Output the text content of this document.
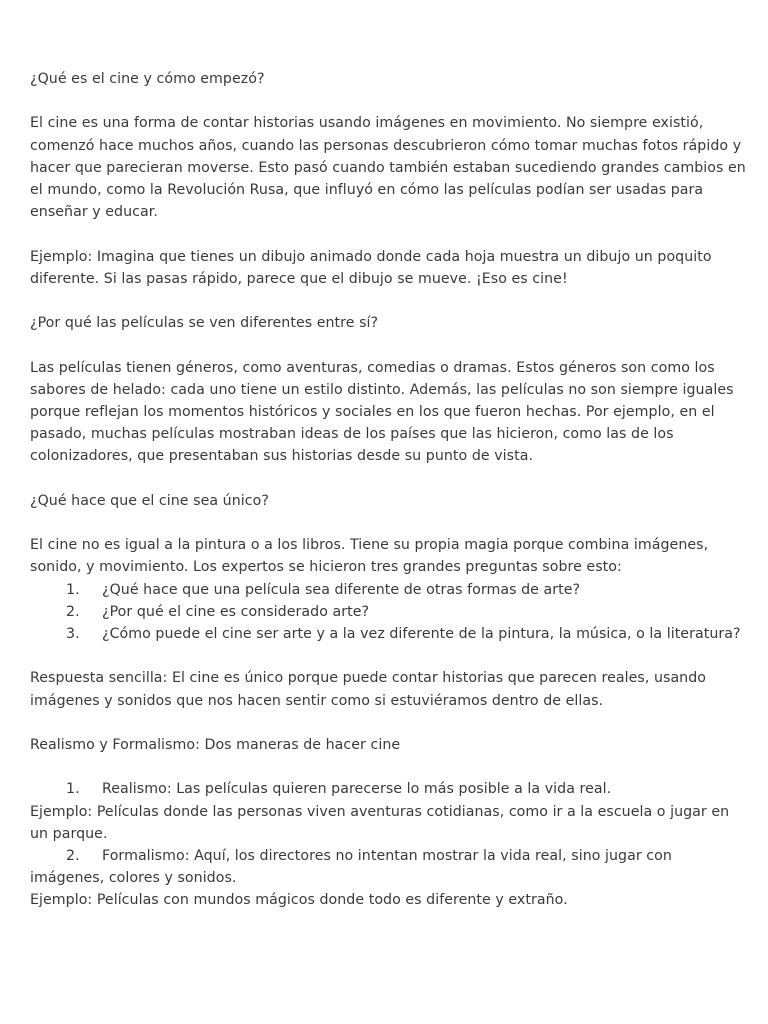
¿Qué es el cine y cómo empezó?

El cine es una forma de contar historias usando imágenes en movimiento. No siempre existió, comenzó hace muchos años, cuando las personas descubrieron cómo tomar muchas fotos rápido y hacer que parecieran moverse. Esto pasó cuando también estaban sucediendo grandes cambios en el mundo, como la Revolución Rusa, que influyó en cómo las películas podían ser usadas para enseñar y educar.

Ejemplo: Imagina que tienes un dibujo animado donde cada hoja muestra un dibujo un poquito diferente. Si las pasas rápido, parece que el dibujo se mueve. ¡Eso es cine!

¿Por qué las películas se ven diferentes entre sí?

Las películas tienen géneros, como aventuras, comedias o dramas. Estos géneros son como los sabores de helado: cada uno tiene un estilo distinto. Además, las películas no son siempre iguales porque reflejan los momentos históricos y sociales en los que fueron hechas. Por ejemplo, en el pasado, muchas películas mostraban ideas de los países que las hicieron, como las de los colonizadores, que presentaban sus historias desde su punto de vista.

¿Qué hace que el cine sea único?

El cine no es igual a la pintura o a los libros. Tiene su propia magia porque combina imágenes, sonido, y movimiento. Los expertos se hicieron tres grandes preguntas sobre esto:

1. ¿Qué hace que una película sea diferente de otras formas de arte?
2. ¿Por qué el cine es considerado arte?
3. ¿Cómo puede el cine ser arte y a la vez diferente de la pintura, la música, o la literatura?

Respuesta sencilla: El cine es único porque puede contar historias que parecen reales, usando imágenes y sonidos que nos hacen sentir como si estuviéramos dentro de ellas.

Realismo y Formalismo: Dos maneras de hacer cine

1. Realismo: Las películas quieren parecerse lo más posible a la vida real.

Ejemplo: Películas donde las personas viven aventuras cotidianas, como ir a la escuela o jugar en un parque.

2. Formalismo: Aquí, los directores no intentan mostrar la vida real, sino jugar con imágenes, colores y sonidos.

Ejemplo: Películas con mundos mágicos donde todo es diferente y extraño.
